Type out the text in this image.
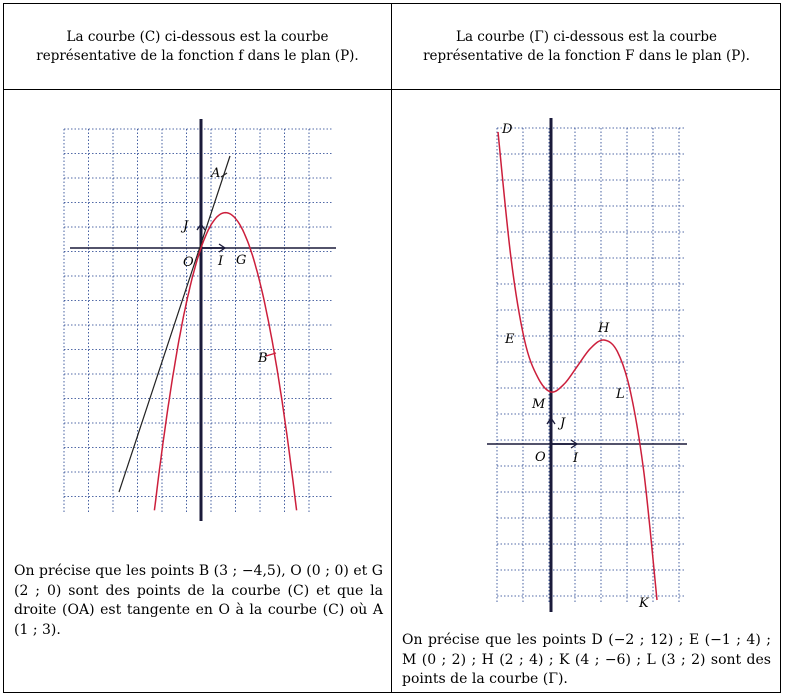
La courbe (C) ci-dessous est la courbe
représentative de la fonction f dans le plan (P).
La courbe (Γ) ci-dessous est la courbe
représentative de la fonction F dans le plan (P).
A
J
O I G
B
D
E
H
M
J
L
O I
K
On précise que les points B (3 ; −4,5), O (0 ; 0) et G (2 ; 0) sont des points de la courbe (C) et que la droite (OA) est tangente en O à la courbe (C) où A (1 ; 3).
On précise que les points D (−2 ; 12) ; E (−1 ; 4) ; M (0 ; 2) ; H (2 ; 4) ; K (4 ; −6) ; L (3 ; 2) sont des points de la courbe (Γ).
